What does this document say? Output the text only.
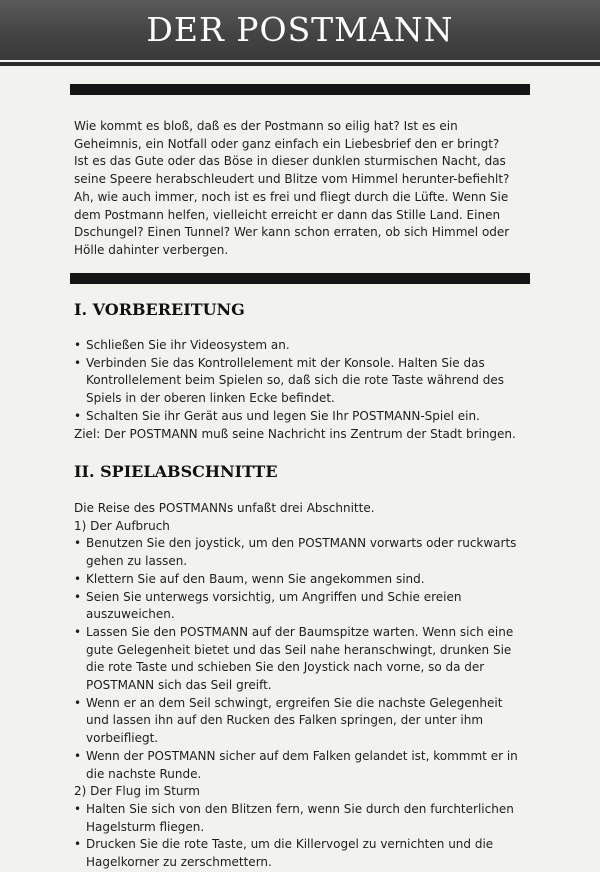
DER POSTMANN

Wie kommt es bloß, daß es der Postmann so eilig hat? Ist es ein Geheimnis, ein Notfall oder ganz einfach ein Liebesbrief den er bringt?

Ist es das Gute oder das Böse in dieser dunklen sturmischen Nacht, das seine Speere herabschleudert und Blitze vom Himmel herunter-befiehlt?

Ah, wie auch immer, noch ist es frei und fliegt durch die Lüfte. Wenn Sie dem Postmann helfen, vielleicht erreicht er dann das Stille Land. Einen Dschungel? Einen Tunnel? Wer kann schon erraten, ob sich Himmel oder Hölle dahinter verbergen.

I. VORBEREITUNG
• Schließen Sie ihr Videosystem an.
• Verbinden Sie das Kontrollelement mit der Konsole. Halten Sie das Kontrollelement beim Spielen so, daß sich die rote Taste während des Spiels in der oberen linken Ecke befindet.
• Schalten Sie ihr Gerät aus und legen Sie Ihr POSTMANN-Spiel ein.

Ziel: Der POSTMANN muß seine Nachricht ins Zentrum der Stadt bringen.

II. SPIELABSCHNITTE

Die Reise des POSTMANNs unfaßt drei Abschnitte.

1) Der Aufbruch

• Benutzen Sie den joystick, um den POSTMANN vorwarts oder ruckwarts gehen zu lassen.
• Klettern Sie auf den Baum, wenn Sie angekommen sind.
• Seien Sie unterwegs vorsichtig, um Angriffen und Schie ereien auszuweichen.
• Lassen Sie den POSTMANN auf der Baumspitze warten. Wenn sich eine gute Gelegenheit bietet und das Seil nahe heranschwingt, drunken Sie die rote Taste und schieben Sie den Joystick nach vorne, so da der POSTMANN sich das Seil greift.
• Wenn er an dem Seil schwingt, ergreifen Sie die nachste Gelegenheit und lassen ihn auf den Rucken des Falken springen, der unter ihm vorbeifliegt.
• Wenn der POSTMANN sicher auf dem Falken gelandet ist, kommmt er in die nachste Runde.

2) Der Flug im Sturm

• Halten Sie sich von den Blitzen fern, wenn Sie durch den furchterlichen Hagelsturm fliegen.
• Drucken Sie die rote Taste, um die Killervogel zu vernichten und die Hagelkorner zu zerschmettern.
